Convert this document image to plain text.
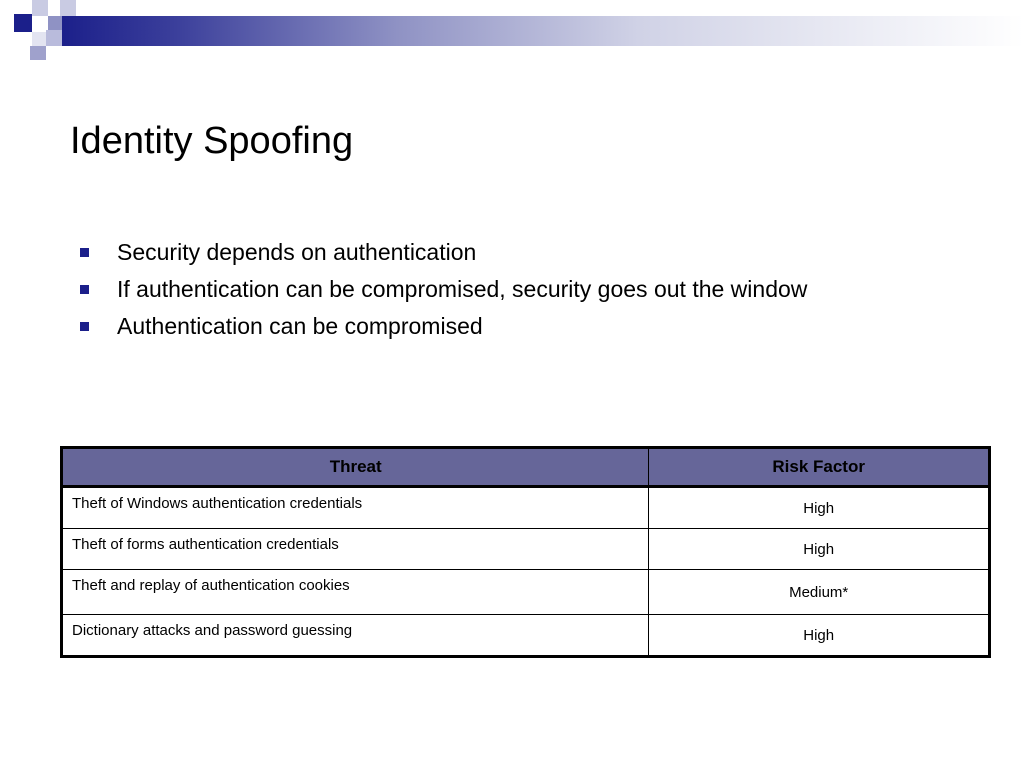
Identity Spoofing
Security depends on authentication
If authentication can be compromised, security goes out the window
Authentication can be compromised
Threat	Risk Factor
Theft of Windows authentication credentials	High
Theft of forms authentication credentials	High
Theft and replay of authentication cookies	Medium*
Dictionary attacks and password guessing	High
